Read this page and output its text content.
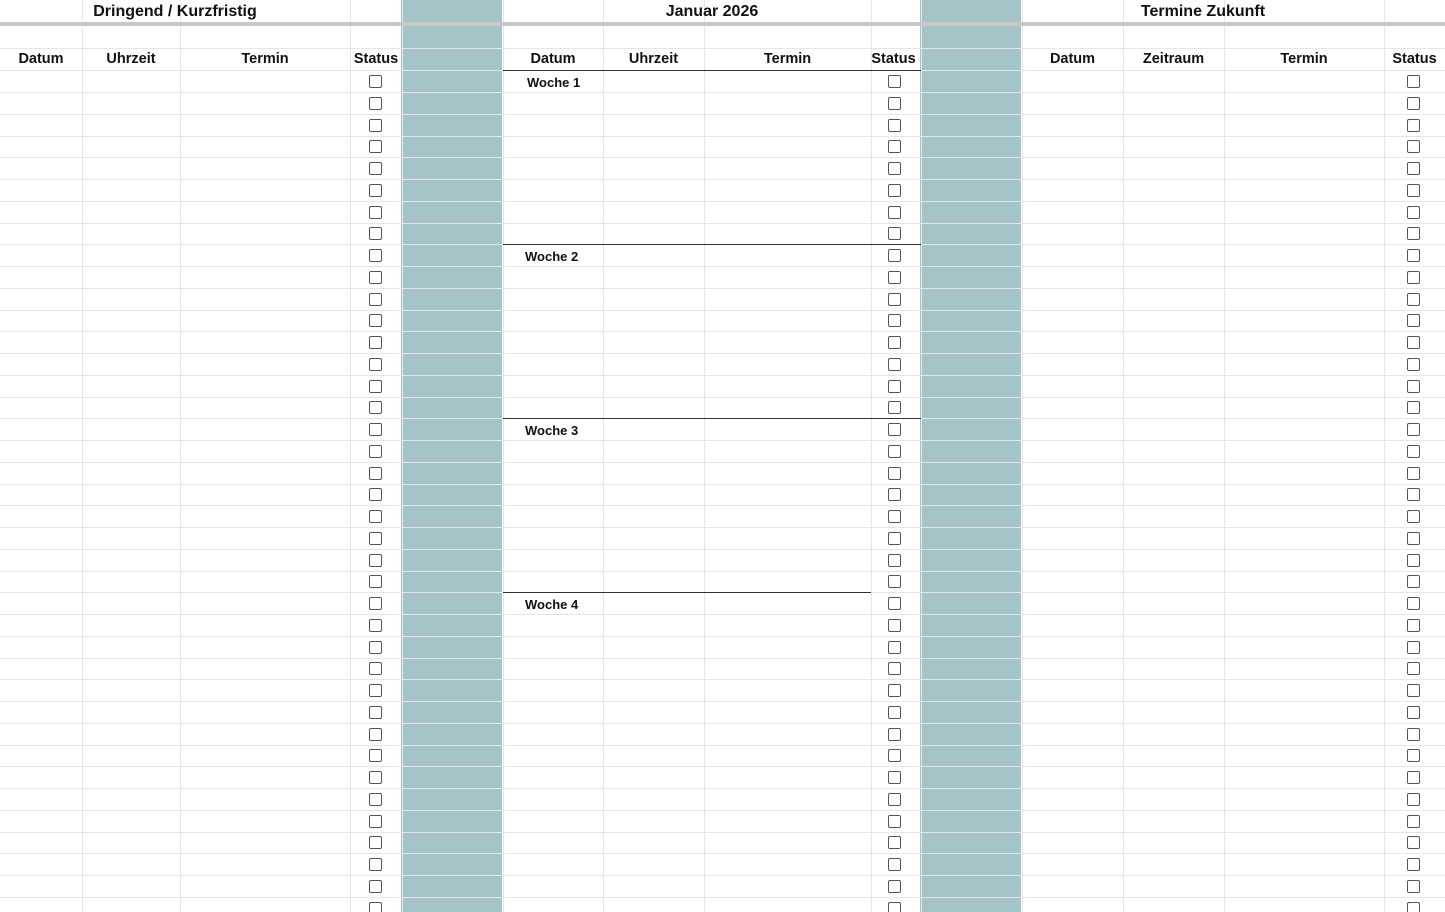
Dringend / Kurzfristig	Januar 2026	Termine Zukunft
Datum	Uhrzeit	Termin	Status	Datum	Uhrzeit	Termin	Status	Datum	Zeitraum	Termin	Status
Woche 1
Woche 2
Woche 3
Woche 4
